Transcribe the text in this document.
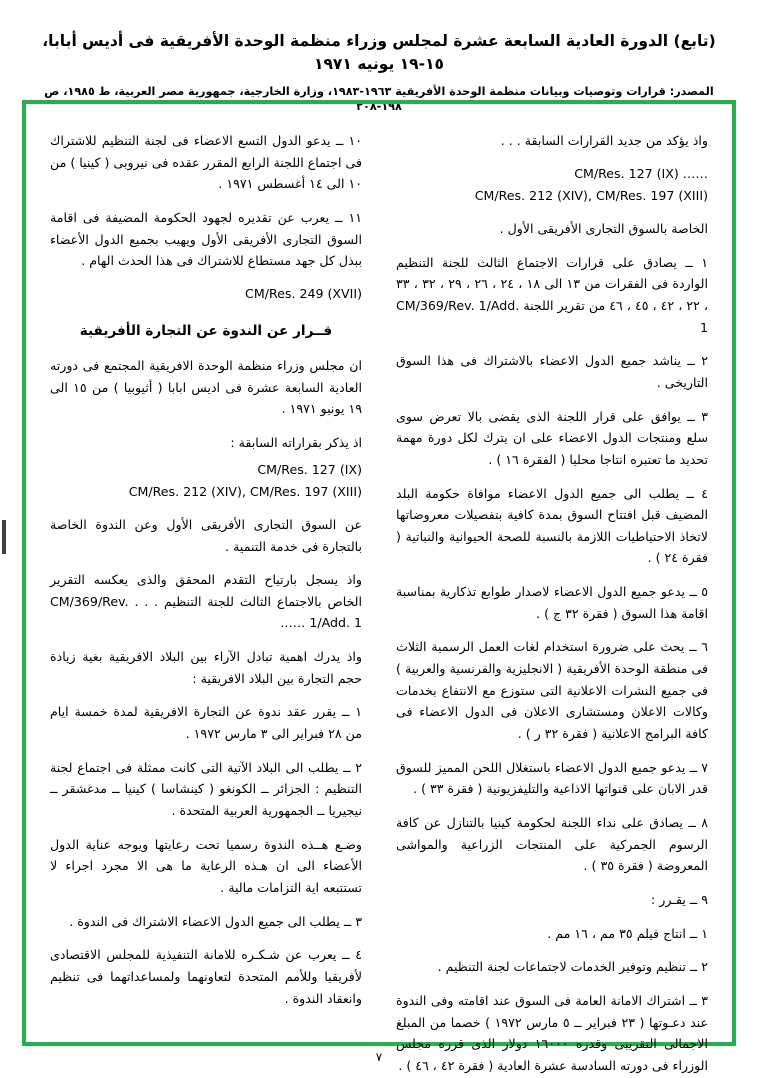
(تابع) الدورة العادية السابعة عشرة لمجلس وزراء منظمة الوحدة الأفريقية فى أديس أبابا، ١٥-١٩ يونيه ١٩٧١
المصدر: ‏قرارات وتوصيات وبيانات منظمة الوحدة الأفريقية ١٩٦٣-١٩٨٣‏، وزارة الخارجية، جمهورية مصر العربية، ط ١٩٨٥، ص ١٩٨-٢٠٨

واذ يؤكد من جديد القرارات السابقة . . .

CM/Res. 127 (IX) ……

CM/Res. 212 (XIV), CM/Res. 197 (XIII)

الخاصة بالسوق التجارى الأفريقى الأول .

١ ــ يصادق على قرارات الاجتماع الثالث للجنة التنظيم الواردة فى الفقرات من ١٣ الى ١٨ ، ٢٤ ، ٢٦ ، ٢٩ ، ٣٢ ، ٣٣ ، ٢٢ ، ٤٢ ، ٤٥ ، ٤٦ من تقرير اللجنة CM/369/Rev. 1/Add. 1

٢ ــ يناشد جميع الدول الاعضاء بالاشتراك فى هذا السوق التاريخى .

٣ ــ يوافق على قرار اللجنة الذى يقضى بالا تعرض سوى سلع ومنتجات الدول الاعضاء على ان يترك لكل دورة مهمة تحديد ما تعتبره انتاجا محليا ( الفقرة ١٦ ) .

٤ ــ يطلب الى جميع الدول الاعضاء موافاة حكومة البلد المضيف قبل افتتاح السوق بمدة كافية بتفصيلات معروضاتها لاتخاذ الاحتياطيات اللازمة بالنسبة للصحة الحيوانية والنباتية ( فقرة ٢٤ ) .

٥ ــ يدعو جميع الدول الاعضاء لاصدار طوابع تذكارية بمناسبة اقامة هذا السوق ( فقرة ٣٢ ج ) .

٦ ــ يحث على ضرورة استخدام لغات العمل الرسمية الثلاث فى منطقة الوحدة الأفريقية ( الانجليزية والفرنسية والعربية ) فى جميع النشرات الاعلانية التى ستوزع مع الانتفاع بخدمات وكالات الاعلان ومستشارى الاعلان فى الدول الاعضاء فى كافة البرامج الاعلانية ( فقرة ٣٢ ر ) .

٧ ــ يدعو جميع الدول الاعضاء باستغلال اللحن المميز للسوق قدر الابان على قنواتها الاذاعية والتليفزيونية ( فقرة ٣٣ ) .

٨ ــ يصادق على نداء اللجنة لحكومة كينيا بالتنازل عن كافة الرسوم الجمركية على المنتجات الزراعية والمواشى المعروضة ( فقرة ٣٥ ) .

٩ ــ يقـرر :

١ ــ انتاج فيلم ٣٥ مم ، ١٦ مم .

٢ ــ تنظيم وتوفير الخدمات لاجتماعات لجنة التنظيم .

٣ ــ اشتراك الامانة العامة فى السوق عند اقامته وفى الندوة عند دعـوتها ( ٢٣ فبراير ــ ٥ مارس ١٩٧٢ ) خصما من المبلغ الاجمالى التقريبى وقدره ١٦٠٠٠ دولار الذى قرره مجلس الوزراء فى دورته السادسة عشرة العادية ( فقرة ٤٢ ، ٤٦ ) .

١٠ ــ يدعو الدول التسع الاعضاء فى لجنة التنظيم للاشتراك فى اجتماع اللجنة الرابع المقرر عقده فى نيروبى ( كينيا ) من ١٠ الى ١٤ أغسطس ١٩٧١ .

١١ ــ يعرب عن تقديره لجهود الحكومة المضيفة فى اقامة السوق التجارى الأفريقى الأول ويهيب بجميع الدول الأعضاء ببذل كل جهد مستطاع للاشتراك فى هذا الحدث الهام .

CM/Res. 249 (XVII)

قــرار عن الندوة عن التجارة الأفريقية

ان مجلس وزراء منظمة الوحدة الافريقية المجتمع فى دورته العادية السابعة عشرة فى اديس ابابا ( أثيوبيا ) من ١٥ الى ١٩ يونيو ١٩٧١ .

اذ يذكر بقراراته السابقة :

CM/Res. 127 (IX)

CM/Res. 212 (XIV), CM/Res. 197 (XIII)

عن السوق التجارى الأفريقى الأول وعن الندوة الخاصة بالتجارة فى خدمة التنمية .

واذ يسجل بارتياح التقدم المحقق والذى يعكسه التقرير الخاص بالاجتماع الثالث للجنة التنظيم . . . CM/369/Rev. 1/Add. 1 ……

واذ يدرك اهمية تبادل الآراء بين البلاد الافريقية بغية زيادة حجم التجارة بين البلاد الافريقية :

١ ــ يقرر عقد ندوة عن التجارة الافريقية لمدة خمسة ايام من ٢٨ فبراير الى ٣ مارس ١٩٧٢ .

٢ ــ يطلب الى البلاد الآتية التى كانت ممثلة فى اجتماع لجنة التنظيم : الجزائر ــ الكونغو ( كينشاسا ) كينيا ــ مدغشقر ــ نيجيريا ــ الجمهورية العربية المتحدة .

وضـع هــذه الندوة رسميا تحت رعايتها ويوجه عناية الدول الأعضاء الى ان هـذه الرعاية ما هى الا مجرد اجراء لا تستتبعه اية التزامات مالية .

٣ ــ يطلب الى جميع الدول الاعضاء الاشتراك فى الندوة .

٤ ــ يعرب عن شـكـره للامانة التنفيذية للمجلس الاقتصادى لأفريقيا وللأمم المتحدة لتعاونهما ولمساعداتهما فى تنظيم وانعقاد الندوة .

٧
